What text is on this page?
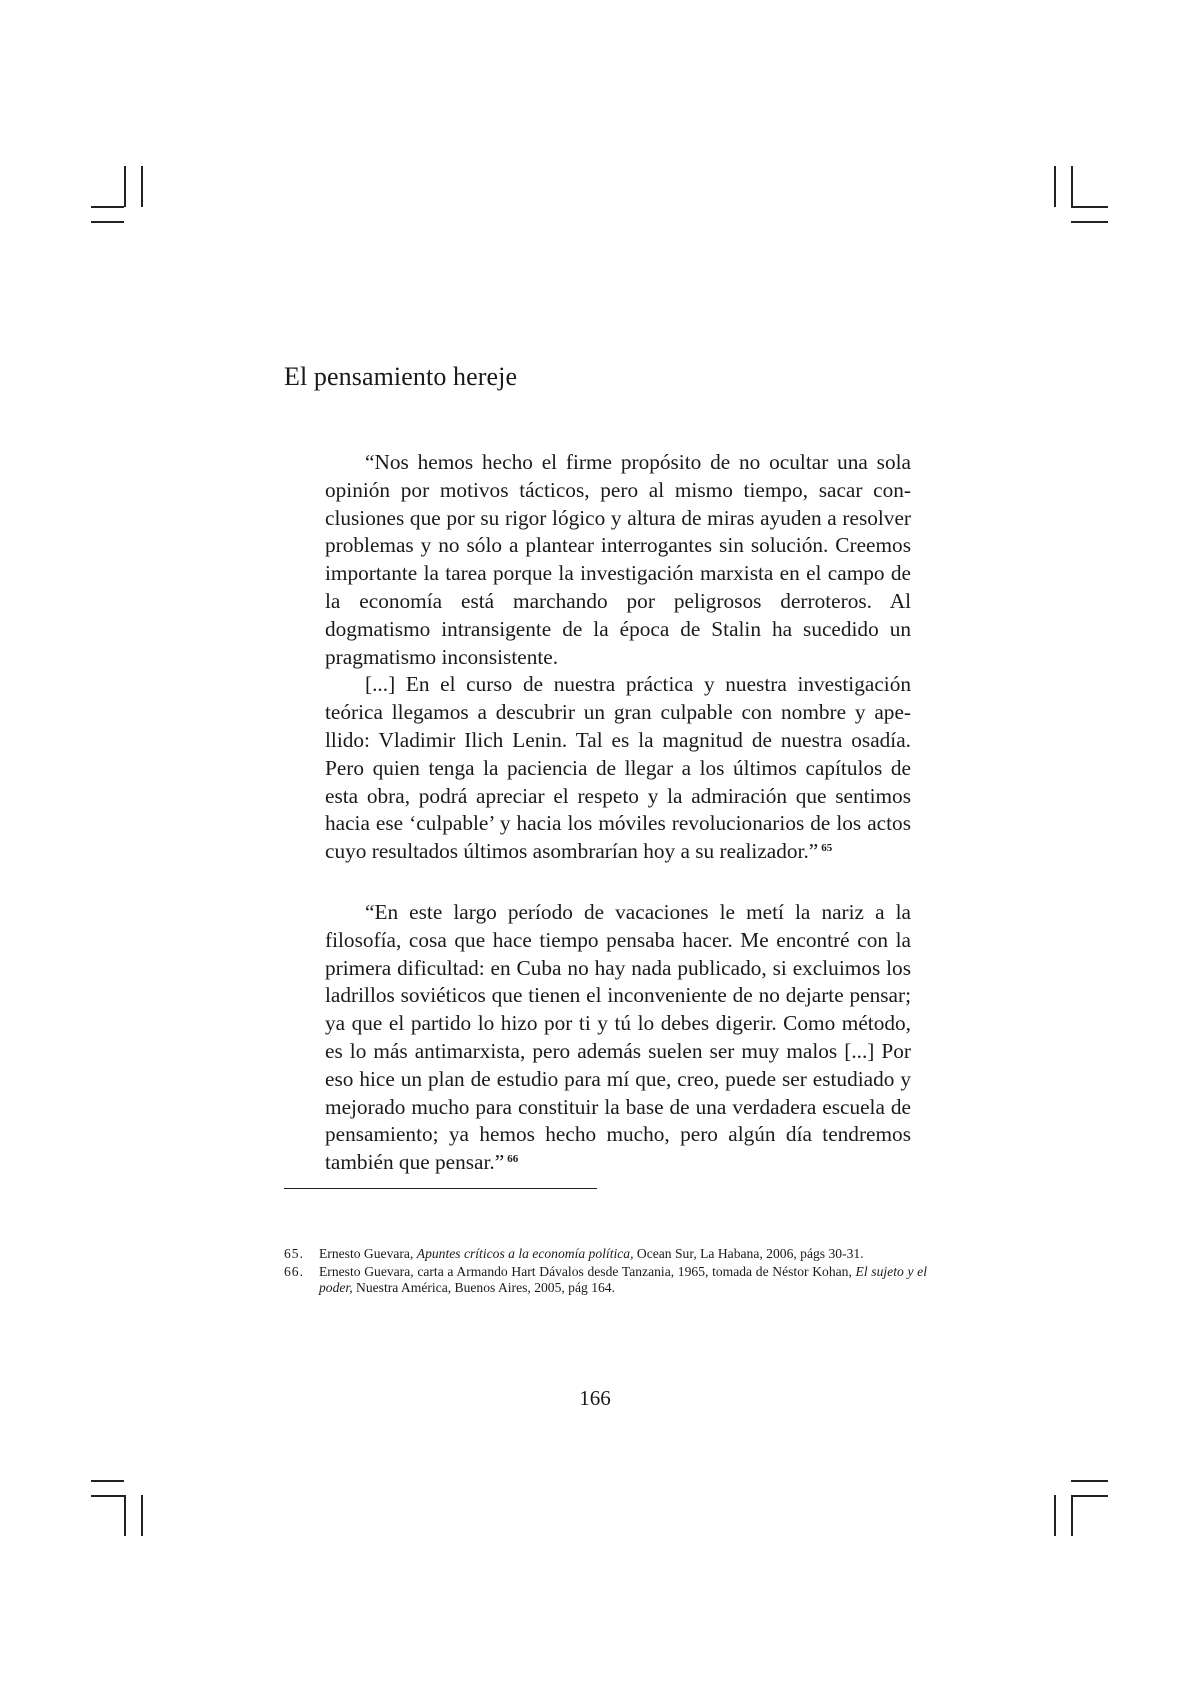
El pensamiento hereje

“Nos hemos hecho el firme propósito de no ocultar una sola opinión por motivos tácticos, pero al mismo tiempo, sacar conclusiones que por su rigor lógico y altura de miras ayuden a resolver problemas y no sólo a plantear interrogantes sin solución. Creemos importante la tarea porque la investigación marxista en el campo de la economía está marchando por peligrosos derroteros. Al dogmatismo intransigente de la época de Stalin ha sucedido un pragmatismo inconsistente.

[...] En el curso de nuestra práctica y nuestra investigación teórica llegamos a descubrir un gran culpable con nombre y apellido: Vladimir Ilich Lenin. Tal es la magnitud de nuestra osadía. Pero quien tenga la paciencia de llegar a los últimos capítulos de esta obra, podrá apreciar el respeto y la admiración que sentimos hacia ese ‘culpable’ y hacia los móviles revolucionarios de los actos cuyo resultados últimos asombrarían hoy a su realizador.” $^{65}$

“En este largo período de vacaciones le metí la nariz a la filosofía, cosa que hace tiempo pensaba hacer. Me encontré con la primera dificultad: en Cuba no hay nada publicado, si excluimos los ladrillos soviéticos que tienen el inconveniente de no dejarte pensar; ya que el partido lo hizo por ti y tú lo debes digerir. Como método, es lo más antimarxista, pero además suelen ser muy malos [...] Por eso hice un plan de estudio para mí que, creo, puede ser estudiado y mejorado mucho para constituir la base de una verdadera escuela de pensamiento; ya hemos hecho mucho, pero algún día tendremos también que pensar.” $^{66}$

65. Ernesto Guevara, Apuntes críticos a la economía política, Ocean Sur, La Habana, 2006, págs 30-31.
66. Ernesto Guevara, carta a Armando Hart Dávalos desde Tanzania, 1965, tomada de Néstor Kohan, El sujeto y el poder, Nuestra América, Buenos Aires, 2005, pág 164.
166
